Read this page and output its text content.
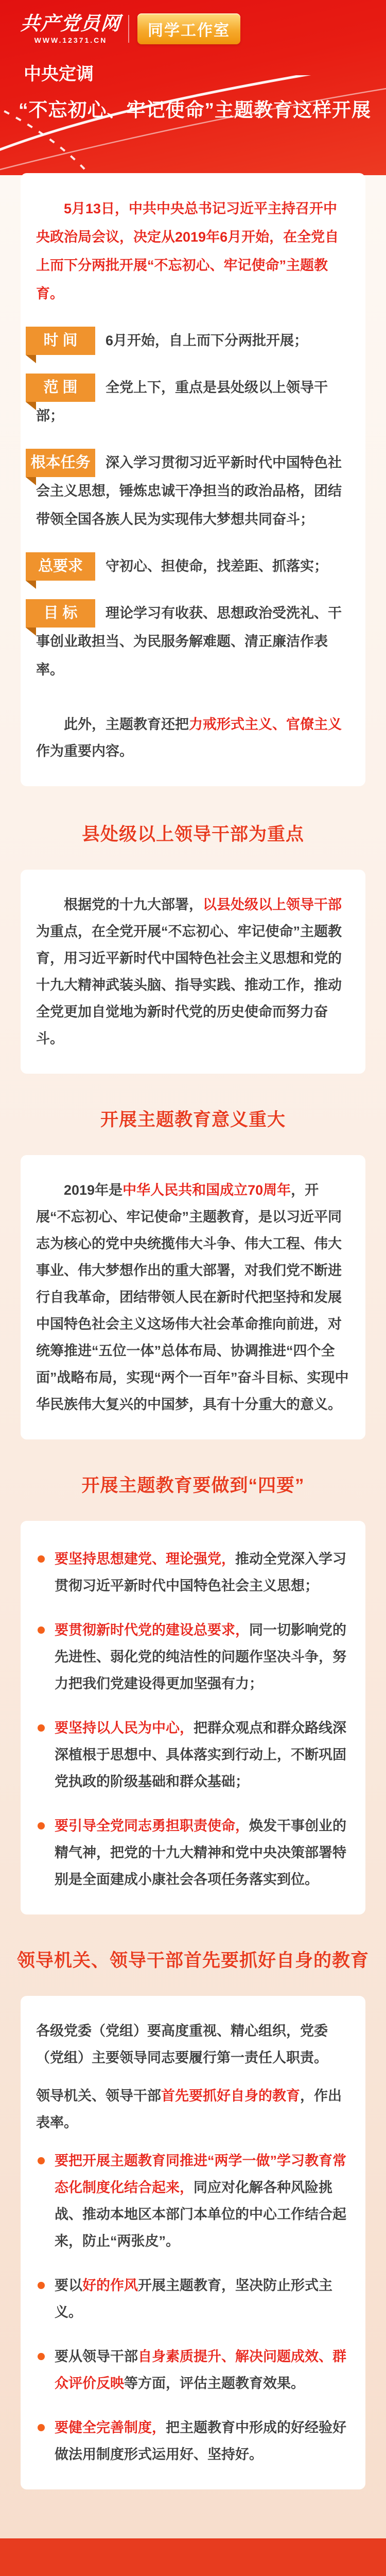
共产党员网
WWW.12371.CN
同学工作室
中央定调
“不忘初心、牢记使命”主题教育这样开展

5月13日，中共中央总书记习近平主持召开中央政治局会议，决定从2019年6月开始，在全党自上而下分两批开展“不忘初心、牢记使命”主题教育。

时 间	6月开始，自上而下分两批开展；

范 围	全党上下，重点是县处级以上领导干部；

根本任务	深入学习贯彻习近平新时代中国特色社会主义思想，锤炼忠诚干净担当的政治品格，团结带领全国各族人民为实现伟大梦想共同奋斗；

总要求	守初心、担使命，找差距、抓落实；

目 标	理论学习有收获、思想政治受洗礼、干事创业敢担当、为民服务解难题、清正廉洁作表率。

此外，主题教育还把力戒形式主义、官僚主义作为重要内容。

县处级以上领导干部为重点

根据党的十九大部署，以县处级以上领导干部为重点，在全党开展“不忘初心、牢记使命”主题教育，用习近平新时代中国特色社会主义思想和党的十九大精神武装头脑、指导实践、推动工作，推动全党更加自觉地为新时代党的历史使命而努力奋斗。

开展主题教育意义重大

2019年是中华人民共和国成立70周年，开展“不忘初心、牢记使命”主题教育，是以习近平同志为核心的党中央统揽伟大斗争、伟大工程、伟大事业、伟大梦想作出的重大部署，对我们党不断进行自我革命，团结带领人民在新时代把坚持和发展中国特色社会主义这场伟大社会革命推向前进，对统筹推进“五位一体”总体布局、协调推进“四个全面”战略布局，实现“两个一百年”奋斗目标、实现中华民族伟大复兴的中国梦，具有十分重大的意义。

开展主题教育要做到“四要”
要坚持思想建党、理论强党，推动全党深入学习贯彻习近平新时代中国特色社会主义思想；
要贯彻新时代党的建设总要求，同一切影响党的先进性、弱化党的纯洁性的问题作坚决斗争，努力把我们党建设得更加坚强有力；
要坚持以人民为中心，把群众观点和群众路线深深植根于思想中、具体落实到行动上，不断巩固党执政的阶级基础和群众基础；
要引导全党同志勇担职责使命，焕发干事创业的精气神，把党的十九大精神和党中央决策部署特别是全面建成小康社会各项任务落实到位。
领导机关、领导干部首先要抓好自身的教育

各级党委（党组）要高度重视、精心组织，党委（党组）主要领导同志要履行第一责任人职责。

领导机关、领导干部首先要抓好自身的教育，作出表率。

要把开展主题教育同推进“两学一做”学习教育常态化制度化结合起来，同应对化解各种风险挑战、推动本地区本部门本单位的中心工作结合起来，防止“两张皮”。
要以好的作风开展主题教育，坚决防止形式主义。
要从领导干部自身素质提升、解决问题成效、群众评价反映等方面，评估主题教育效果。
要健全完善制度，把主题教育中形成的好经验好做法用制度形式运用好、坚持好。
